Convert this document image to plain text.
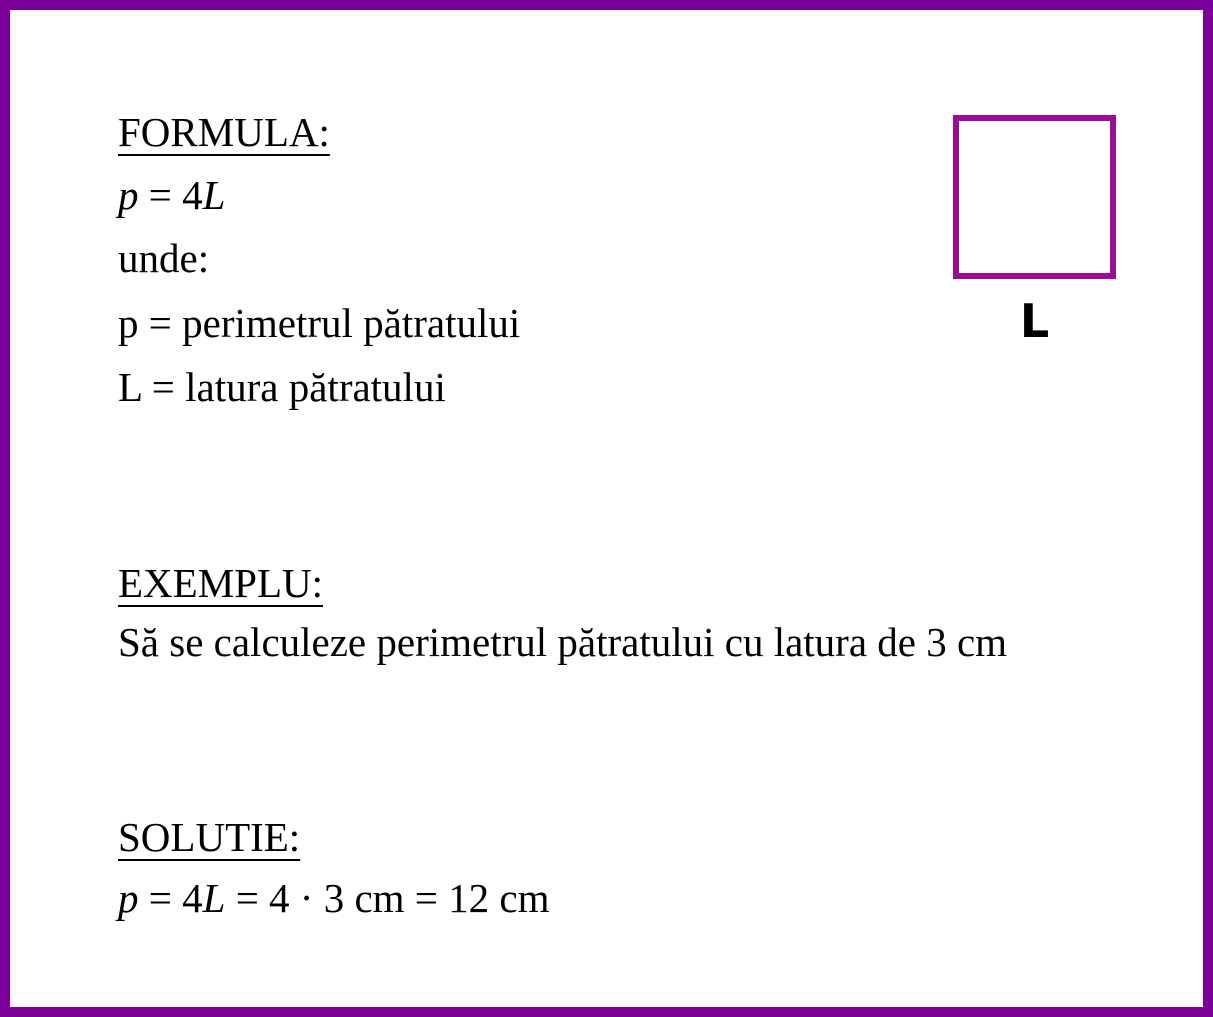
FORMULA:

p = 4L

unde:

p = perimetrul pătratului

L = latura pătratului

L
EXEMPLU:

Să se calculeze perimetrul pătratului cu latura de 3 cm

SOLUTIE:

p = 4L = 4 · 3 cm = 12 cm
